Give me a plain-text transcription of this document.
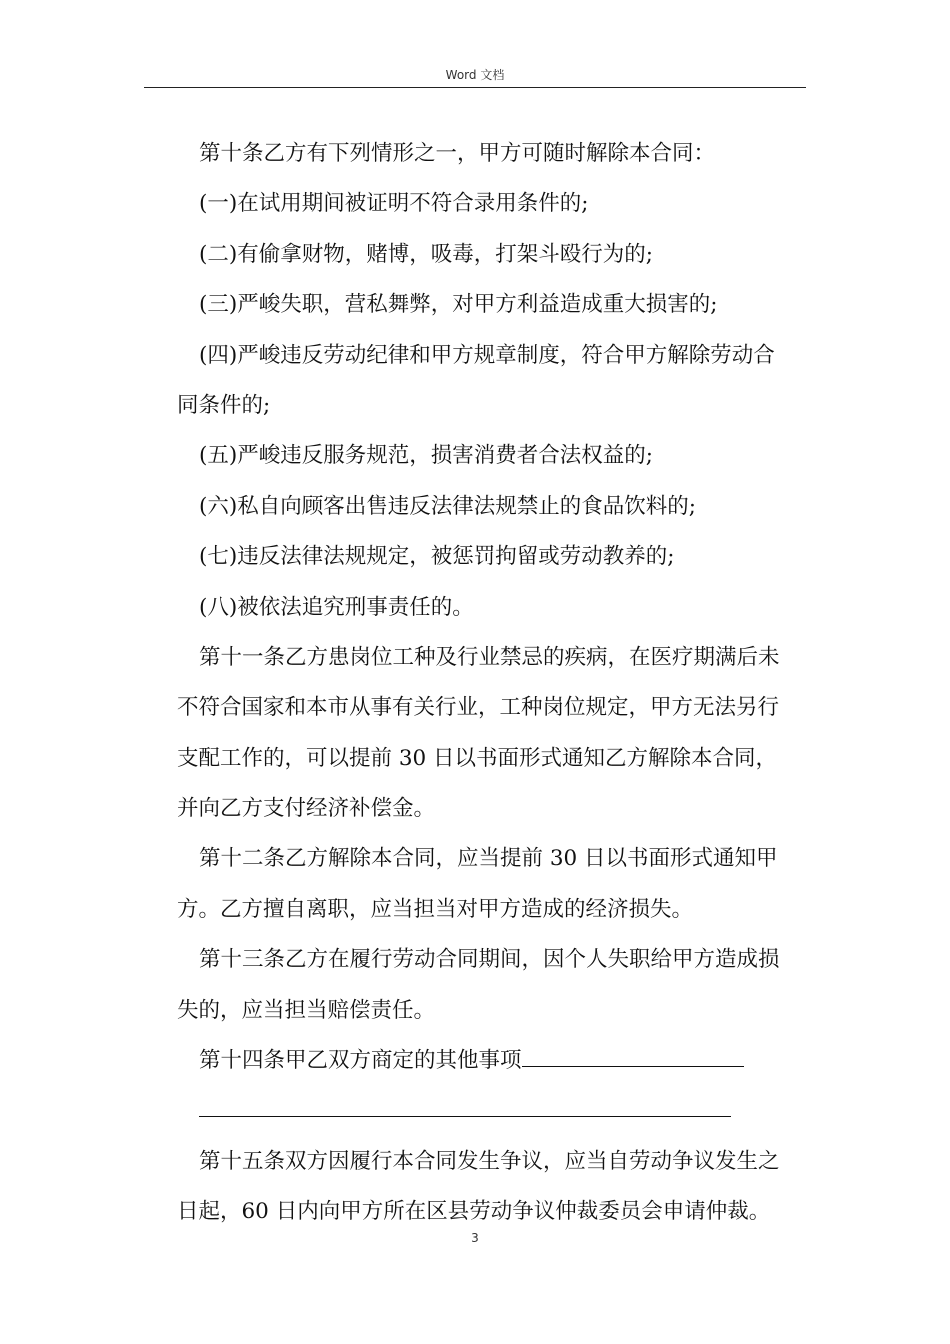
Word 文档
第十条乙方有下列情形之一，甲方可随时解除本合同：
(一)在试用期间被证明不符合录用条件的;
(二)有偷拿财物，赌博，吸毒，打架斗殴行为的;
(三)严峻失职，营私舞弊，对甲方利益造成重大损害的;
(四)严峻违反劳动纪律和甲方规章制度，符合甲方解除劳动合
同条件的;
(五)严峻违反服务规范，损害消费者合法权益的;
(六)私自向顾客出售违反法律法规禁止的食品饮料的;
(七)违反法律法规规定，被惩罚拘留或劳动教养的;
(八)被依法追究刑事责任的。
第十一条乙方患岗位工种及行业禁忌的疾病，在医疗期满后未
不符合国家和本市从事有关行业，工种岗位规定，甲方无法另行
支配工作的，可以提前 30 日以书面形式通知乙方解除本合同，
并向乙方支付经济补偿金。
第十二条乙方解除本合同，应当提前 30 日以书面形式通知甲
方。乙方擅自离职，应当担当对甲方造成的经济损失。
第十三条乙方在履行劳动合同期间，因个人失职给甲方造成损
失的，应当担当赔偿责任。
第十四条甲乙双方商定的其他事项
第十五条双方因履行本合同发生争议，应当自劳动争议发生之
日起，60 日内向甲方所在区县劳动争议仲裁委员会申请仲裁。
3
